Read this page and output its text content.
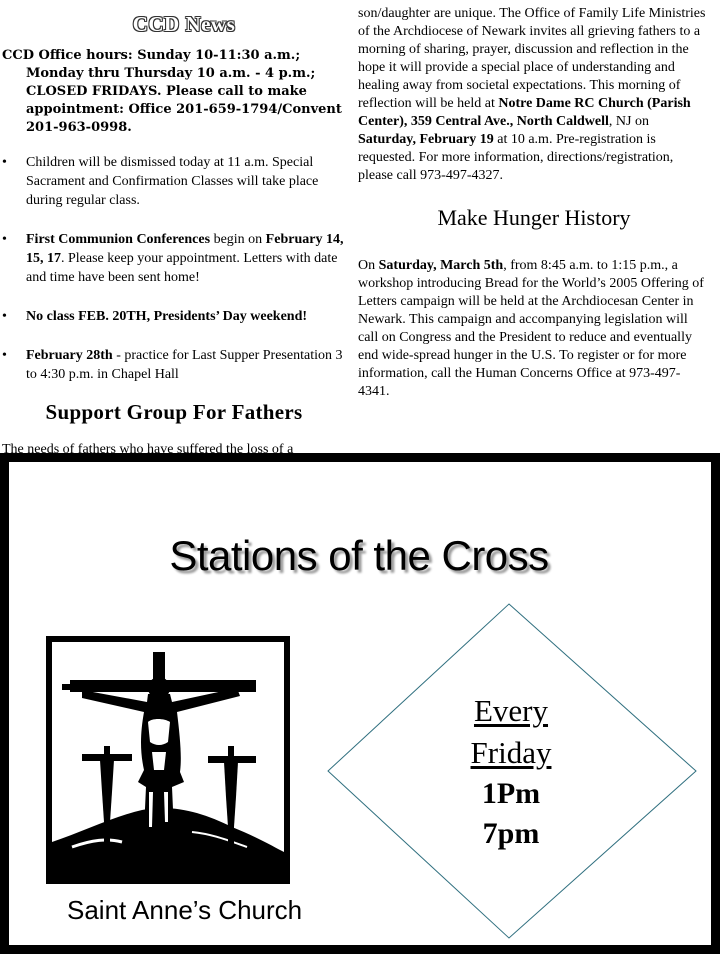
CCD News

CCD Office hours: Sunday 10-11:30 a.m.; Monday thru Thursday 10 a.m. - 4 p.m.; CLOSED FRIDAYS. Please call to make appointment: Office 201-659-1794/Convent 201-963-0998.

• Children will be dismissed today at 11 a.m. Special Sacrament and Confirmation Classes will take place during regular class.
• First Communion Conferences begin on February 14, 15, 17. Please keep your appointment. Letters with date and time have been sent home!
• No class FEB. 20TH, Presidents’ Day weekend!
• February 28th - practice for Last Supper Presentation 3 to 4:30 p.m. in Chapel Hall
Support Group For Fathers

The needs of fathers who have suffered the loss of a

son/daughter are unique. The Office of Family Life Ministries of the Archdiocese of Newark invites all grieving fathers to a morning of sharing, prayer, discussion and reflection in the hope it will provide a special place of understanding and healing away from societal expectations. This morning of reflection will be held at Notre Dame RC Church (Parish Center), 359 Central Ave., North Caldwell, NJ on Saturday, February 19 at 10 a.m. Pre-registration is requested. For more information, directions/registration, please call 973-497-4327.

Make Hunger History

On Saturday, March 5th, from 8:45 a.m. to 1:15 p.m., a workshop introducing Bread for the World’s 2005 Offering of Letters campaign will be held at the Archdiocesan Center in Newark. This campaign and accompanying legislation will call on Congress and the President to reduce and eventually end wide-spread hunger in the U.S. To register or for more information, call the Human Concerns Office at 973-497-4341.

Stations of the Cross
Saint Anne’s Church
Every
Friday
1Pm
7pm
